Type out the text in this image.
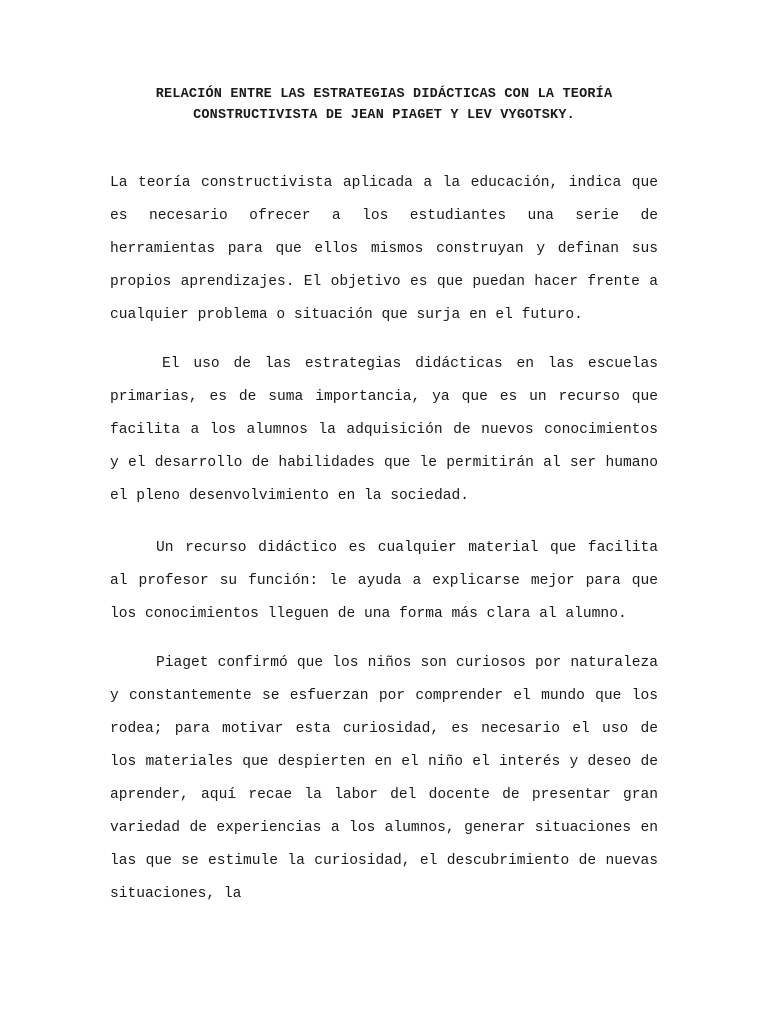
RELACIÓN ENTRE LAS ESTRATEGIAS DIDÁCTICAS CON LA TEORÍA
CONSTRUCTIVISTA DE JEAN PIAGET Y LEV VYGOTSKY.

La teoría constructivista aplicada a la educación, indica que es necesario ofrecer a los estudiantes una serie de herramientas para que ellos mismos construyan y definan sus propios aprendizajes. El objetivo es que puedan hacer frente a cualquier problema o situación que surja en el futuro.

El uso de las estrategias didácticas en las escuelas primarias, es de suma importancia, ya que es un recurso que facilita a los alumnos la adquisición de nuevos conocimientos y el desarrollo de habilidades que le permitirán al ser humano el pleno desenvolvimiento en la sociedad.

Un recurso didáctico es cualquier material que facilita al profesor su función: le ayuda a explicarse mejor para que los conocimientos lleguen de una forma más clara al alumno.

Piaget confirmó que los niños son curiosos por naturaleza y constantemente se esfuerzan por comprender el mundo que los rodea; para motivar esta curiosidad, es necesario el uso de los materiales que despierten en el niño el interés y deseo de aprender, aquí recae la labor del docente de presentar gran variedad de experiencias a los alumnos, generar situaciones en las que se estimule la curiosidad, el descubrimiento de nuevas situaciones, la
